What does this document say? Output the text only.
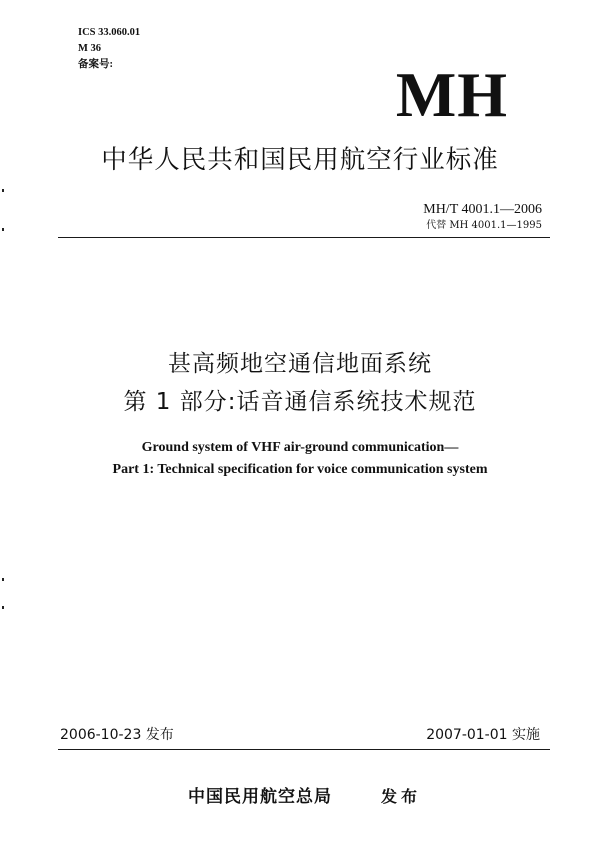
ICS 33.060.01
M 36
备案号:	MH
中华人民共和国民用航空行业标准
MH/T 4001.1—2006
代替 MH 4001.1—1995
甚高频地空通信地面系统
第 1 部分:话音通信系统技术规范
Ground system of VHF air-ground communication—
Part 1: Technical specification for voice communication system
2006-10-23 发布	2007-01-01 实施
中国民用航空总局	发布
